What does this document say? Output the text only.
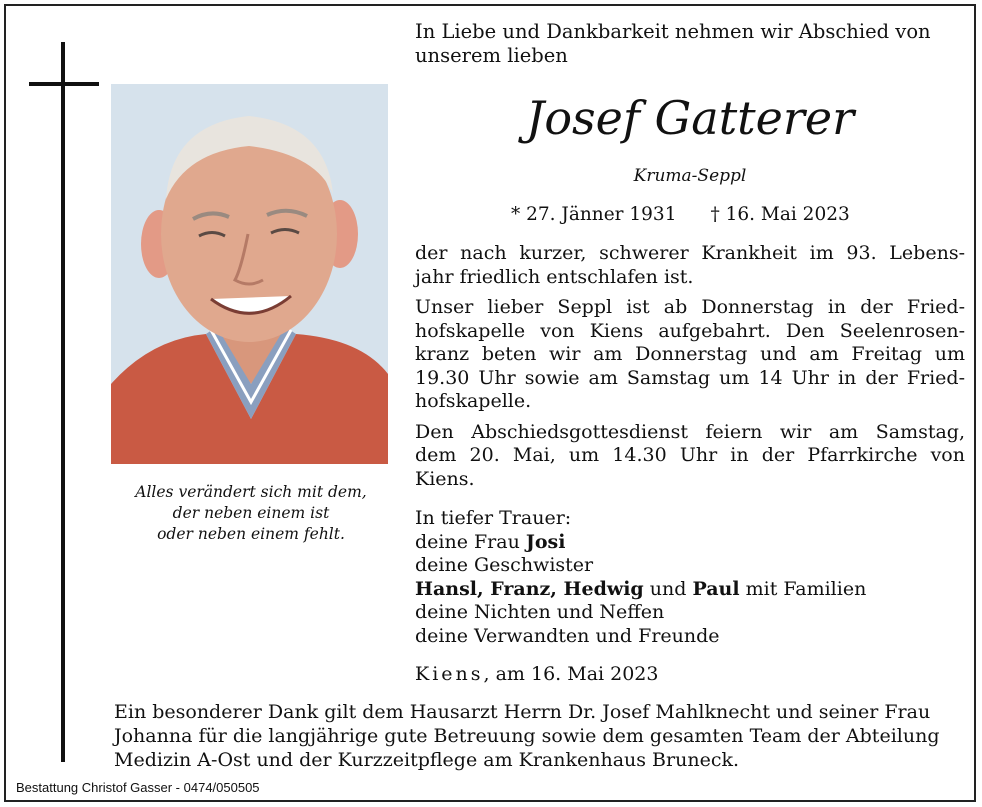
Alles verändert sich mit dem,
der neben einem ist
oder neben einem fehlt.
In Liebe und Dankbarkeit nehmen wir Abschied von
unserem lieben
Josef Gatterer
Kruma-Seppl
* 27. Jänner 1931 † 16. Mai 2023

der nach kurzer, schwerer Krankheit im 93. Lebens-
jahr friedlich entschlafen ist.

Unser lieber Seppl ist ab Donnerstag in der Fried-
hofskapelle von Kiens aufgebahrt. Den Seelenrosen-
kranz beten wir am Donnerstag und am Freitag um
19.30 Uhr sowie am Samstag um 14 Uhr in der Fried-
hofskapelle.

Den Abschiedsgottesdienst feiern wir am Samstag,
dem 20. Mai, um 14.30 Uhr in der Pfarrkirche von
Kiens.

In tiefer Trauer:
deine Frau Josi
deine Geschwister
Hansl, Franz, Hedwig und Paul mit Familien
deine Nichten und Neffen
deine Verwandten und Freunde
Kiens, am 16. Mai 2023
Ein besonderer Dank gilt dem Hausarzt Herrn Dr. Josef Mahlknecht und seiner Frau Johanna für die langjährige gute Betreuung sowie dem gesamten Team der Abteilung Medizin A-Ost und der Kurzzeitpflege am Krankenhaus Bruneck.
Bestattung Christof Gasser - 0474/050505
